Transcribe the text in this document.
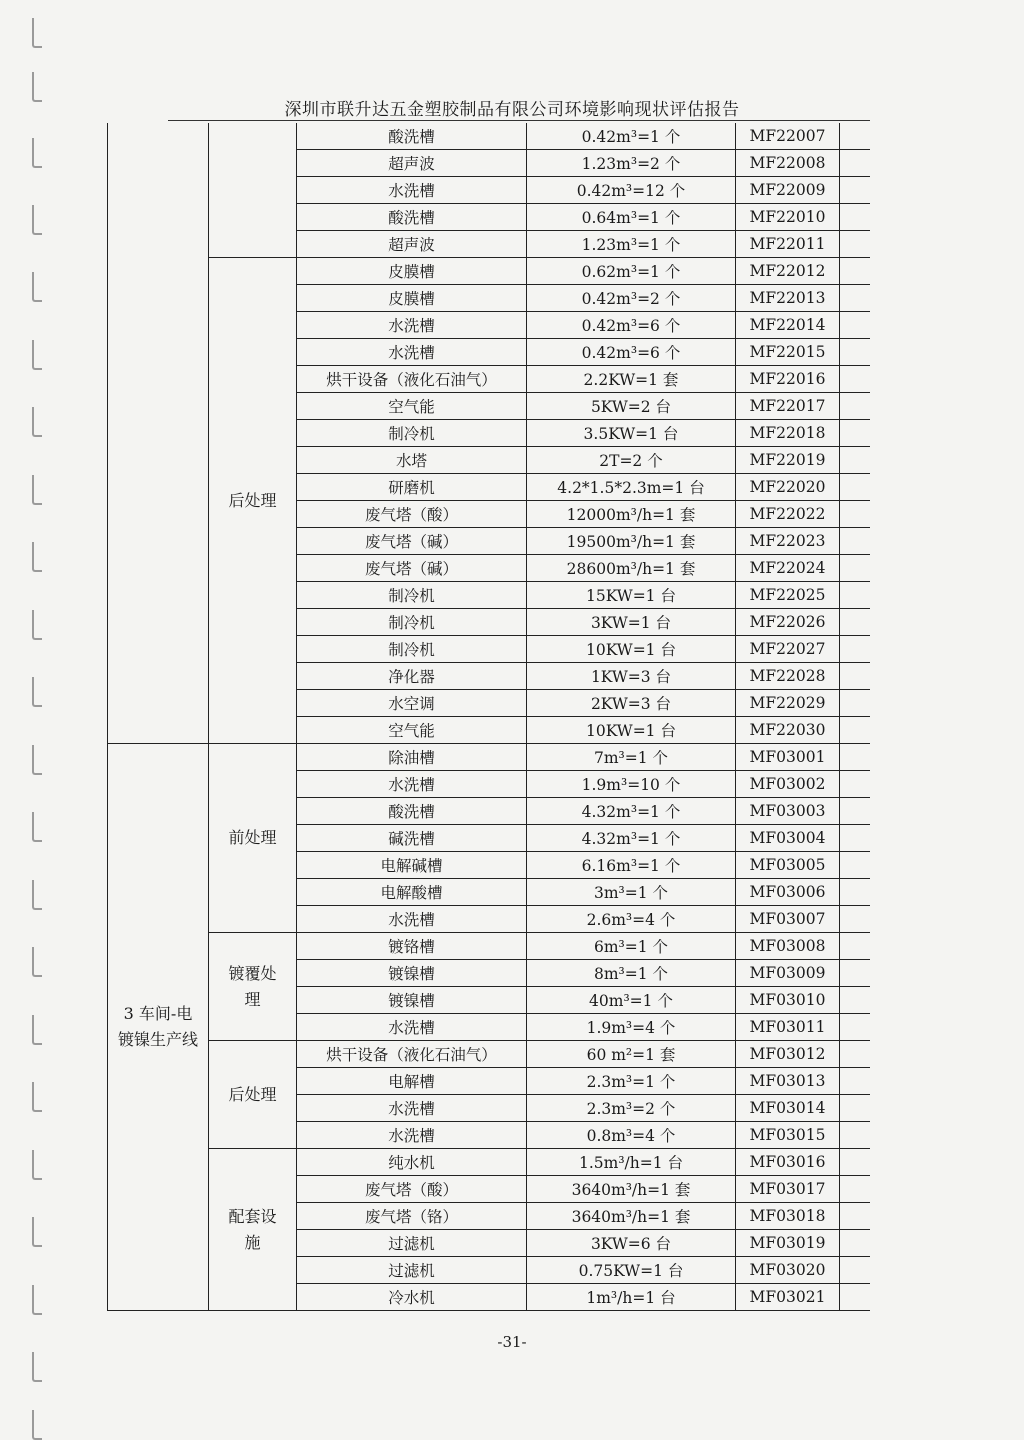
深圳市联升达五金塑胶制品有限公司环境影响现状评估报告
		酸洗槽	0.42m³=1 个	MF22007	
		超声波	1.23m³=2 个	MF22008	
		水洗槽	0.42m³=12 个	MF22009	
		酸洗槽	0.64m³=1 个	MF22010	
		超声波	1.23m³=1 个	MF22011	
	后处理	皮膜槽	0.62m³=1 个	MF22012	
		皮膜槽	0.42m³=2 个	MF22013	
		水洗槽	0.42m³=6 个	MF22014	
		水洗槽	0.42m³=6 个	MF22015	
		烘干设备（液化石油气）	2.2KW=1 套	MF22016	
		空气能	5KW=2 台	MF22017	
		制冷机	3.5KW=1 台	MF22018	
		水塔	2T=2 个	MF22019	
		研磨机	4.2*1.5*2.3m=1 台	MF22020	
		废气塔（酸）	12000m³/h=1 套	MF22022	
		废气塔（碱）	19500m³/h=1 套	MF22023	
		废气塔（碱）	28600m³/h=1 套	MF22024	
		制冷机	15KW=1 台	MF22025	
		制冷机	3KW=1 台	MF22026	
		制冷机	10KW=1 台	MF22027	
		净化器	1KW=3 台	MF22028	
		水空调	2KW=3 台	MF22029	
		空气能	10KW=1 台	MF22030	
3 车间-电镀镍生产线	前处理	除油槽	7m³=1 个	MF03001	
		水洗槽	1.9m³=10 个	MF03002	
		酸洗槽	4.32m³=1 个	MF03003	
		碱洗槽	4.32m³=1 个	MF03004	
		电解碱槽	6.16m³=1 个	MF03005	
		电解酸槽	3m³=1 个	MF03006	
		水洗槽	2.6m³=4 个	MF03007	
	镀覆处理	镀铬槽	6m³=1 个	MF03008	
		镀镍槽	8m³=1 个	MF03009	
		镀镍槽	40m³=1 个	MF03010	
		水洗槽	1.9m³=4 个	MF03011	
	后处理	烘干设备（液化石油气）	60 m²=1 套	MF03012	
		电解槽	2.3m³=1 个	MF03013	
		水洗槽	2.3m³=2 个	MF03014	
		水洗槽	0.8m³=4 个	MF03015	
	配套设施	纯水机	1.5m³/h=1 台	MF03016	
		废气塔（酸）	3640m³/h=1 套	MF03017	
		废气塔（铬）	3640m³/h=1 套	MF03018	
		过滤机	3KW=6 台	MF03019	
		过滤机	0.75KW=1 台	MF03020	
		冷水机	1m³/h=1 台	MF03021	
-31-
